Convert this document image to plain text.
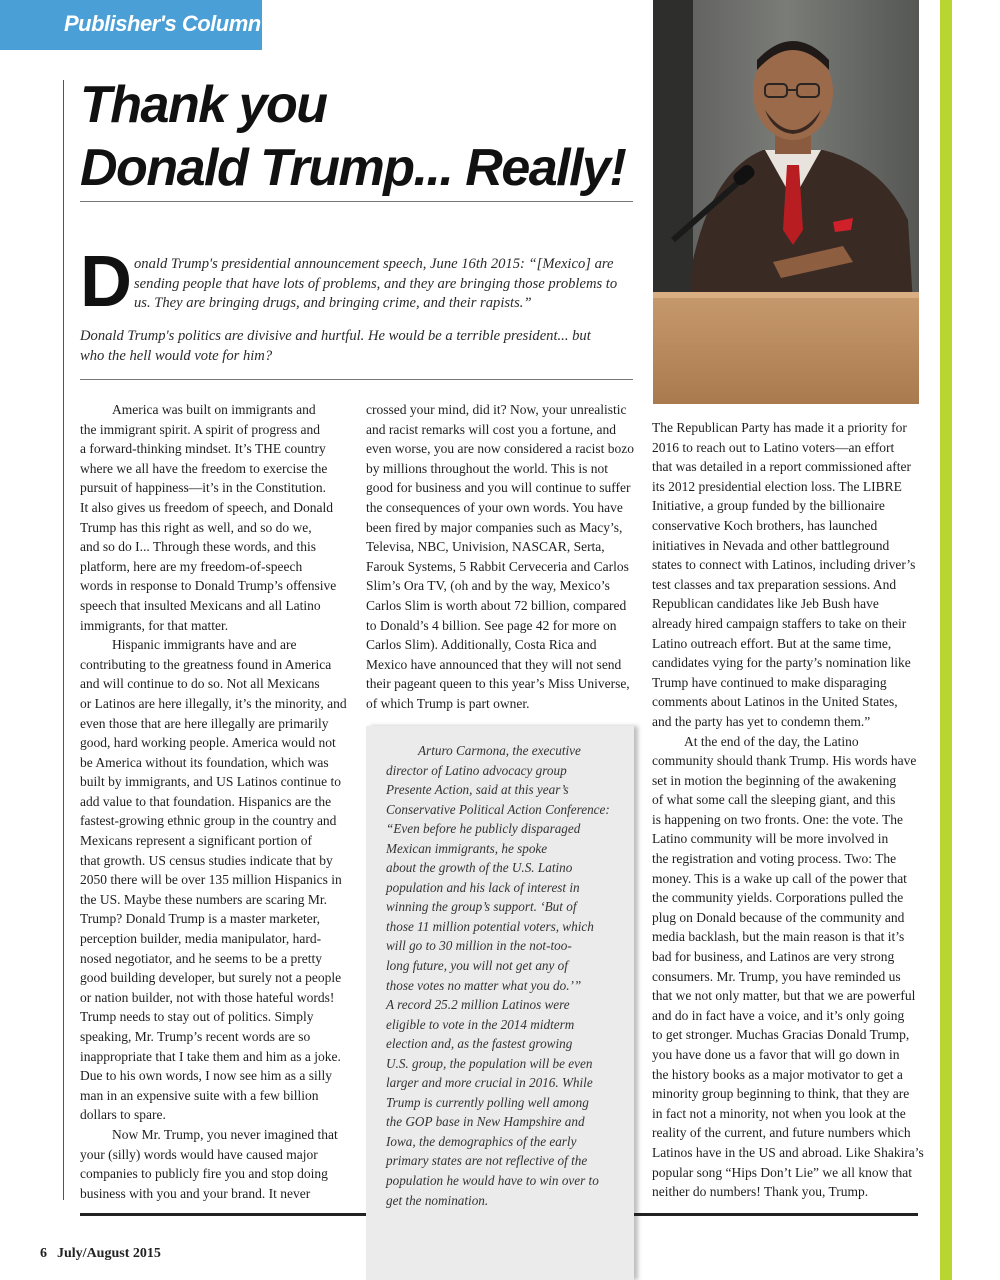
Publisher's Column
Thank you
Donald Trump... Really!
D onald Trump's presidential announcement speech, June 16th 2015: “[Mexico] are
sending people that have lots of problems, and they are bringing those problems to
us. They are bringing drugs, and bringing crime, and their rapists.”

Donald Trump's politics are divisive and hurtful. He would be a terrible president... but
who the hell would vote for him?

America was built on immigrants and
the immigrant spirit. A spirit of progress and
a forward-thinking mindset. It’s THE country
where we all have the freedom to exercise the
pursuit of happiness—it’s in the Constitution.
It also gives us freedom of speech, and Donald
Trump has this right as well, and so do we,
and so do I... Through these words, and this
platform, here are my freedom-of-speech
words in response to Donald Trump’s offensive
speech that insulted Mexicans and all Latino
immigrants, for that matter.
Hispanic immigrants have and are
contributing to the greatness found in America
and will continue to do so. Not all Mexicans
or Latinos are here illegally, it’s the minority, and
even those that are here illegally are primarily
good, hard working people. America would not
be America without its foundation, which was
built by immigrants, and US Latinos continue to
add value to that foundation. Hispanics are the
fastest-growing ethnic group in the country and
Mexicans represent a significant portion of
that growth. US census studies indicate that by
2050 there will be over 135 million Hispanics in
the US. Maybe these numbers are scaring Mr.
Trump? Donald Trump is a master marketer,
perception builder, media manipulator, hard-
nosed negotiator, and he seems to be a pretty
good building developer, but surely not a people
or nation builder, not with those hateful words!
Trump needs to stay out of politics. Simply
speaking, Mr. Trump’s recent words are so
inappropriate that I take them and him as a joke.
Due to his own words, I now see him as a silly
man in an expensive suite with a few billion
dollars to spare.
Now Mr. Trump, you never imagined that
your (silly) words would have caused major
companies to publicly fire you and stop doing
business with you and your brand. It never
crossed your mind, did it? Now, your unrealistic
and racist remarks will cost you a fortune, and
even worse, you are now considered a racist bozo
by millions throughout the world. This is not
good for business and you will continue to suffer
the consequences of your own words. You have
been fired by major companies such as Macy’s,
Televisa, NBC, Univision, NASCAR, Serta,
Farouk Systems, 5 Rabbit Cerveceria and Carlos
Slim’s Ora TV, (oh and by the way, Mexico’s
Carlos Slim is worth about 72 billion, compared
to Donald’s 4 billion. See page 42 for more on
Carlos Slim). Additionally, Costa Rica and
Mexico have announced that they will not send
their pageant queen to this year’s Miss Universe,
of which Trump is part owner.
Arturo Carmona, the executive
director of Latino advocacy group
Presente Action, said at this year’s
Conservative Political Action Conference:
“Even before he publicly disparaged
Mexican immigrants, he spoke
about the growth of the U.S. Latino
population and his lack of interest in
winning the group’s support. ‘But of
those 11 million potential voters, which
will go to 30 million in the not-too-
long future, you will not get any of
those votes no matter what you do.’”
A record 25.2 million Latinos were
eligible to vote in the 2014 midterm
election and, as the fastest growing
U.S. group, the population will be even
larger and more crucial in 2016. While
Trump is currently polling well among
the GOP base in New Hampshire and
Iowa, the demographics of the early
primary states are not reflective of the
population he would have to win over to
get the nomination.
The Republican Party has made it a priority for
2016 to reach out to Latino voters—an effort
that was detailed in a report commissioned after
its 2012 presidential election loss. The LIBRE
Initiative, a group funded by the billionaire
conservative Koch brothers, has launched
initiatives in Nevada and other battleground
states to connect with Latinos, including driver’s
test classes and tax preparation sessions. And
Republican candidates like Jeb Bush have
already hired campaign staffers to take on their
Latino outreach effort. But at the same time,
candidates vying for the party’s nomination like
Trump have continued to make disparaging
comments about Latinos in the United States,
and the party has yet to condemn them.”
At the end of the day, the Latino
community should thank Trump. His words have
set in motion the beginning of the awakening
of what some call the sleeping giant, and this
is happening on two fronts. One: the vote. The
Latino community will be more involved in
the registration and voting process. Two: The
money. This is a wake up call of the power that
the community yields. Corporations pulled the
plug on Donald because of the community and
media backlash, but the main reason is that it’s
bad for business, and Latinos are very strong
consumers. Mr. Trump, you have reminded us
that we not only matter, but that we are powerful
and do in fact have a voice, and it’s only going
to get stronger. Muchas Gracias Donald Trump,
you have done us a favor that will go down in
the history books as a major motivator to get a
minority group beginning to think, that they are
in fact not a minority, not when you look at the
reality of the current, and future numbers which
Latinos have in the US and abroad. Like Shakira’s
popular song “Hips Don’t Lie” we all know that
neither do numbers! Thank you, Trump.
6 July/August 2015
